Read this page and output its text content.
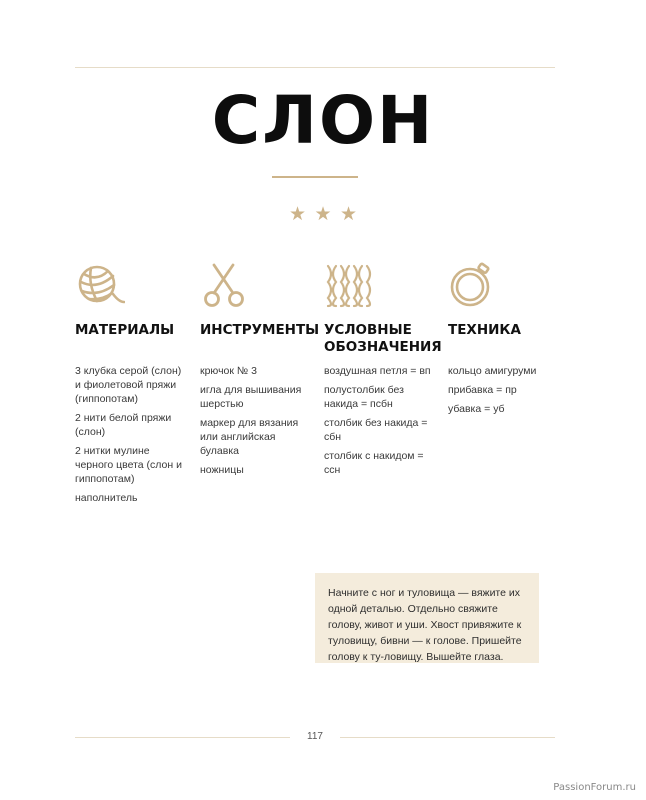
СЛОН
★ ★ ★
МАТЕРИАЛЫ
3 клубка серой (слон) и фиолетовой пряжи (гиппопотам)
2 нити белой пряжи (слон)
2 нитки мулине черного цвета (слон и гиппопотам)
наполнитель
ИНСТРУМЕНТЫ
крючок № 3
игла для вышивания шерстью
маркер для вязания или английская булавка
ножницы
УСЛОВНЫЕ ОБОЗНАЧЕНИЯ
воздушная петля = вп
полустолбик без накида = псбн
столбик без накида = сбн
столбик с накидом = ссн
ТЕХНИКА
кольцо амигуруми
прибавка = пр
убавка = уб

Начните с ног и туловища — вяжите их одной деталью. Отдельно свяжите голову, живот и уши. Хвост привяжите к туловищу, бивни — к голове. Пришейте голову к ту-ловищу. Вышейте глаза.

117
PassionForum.ru
